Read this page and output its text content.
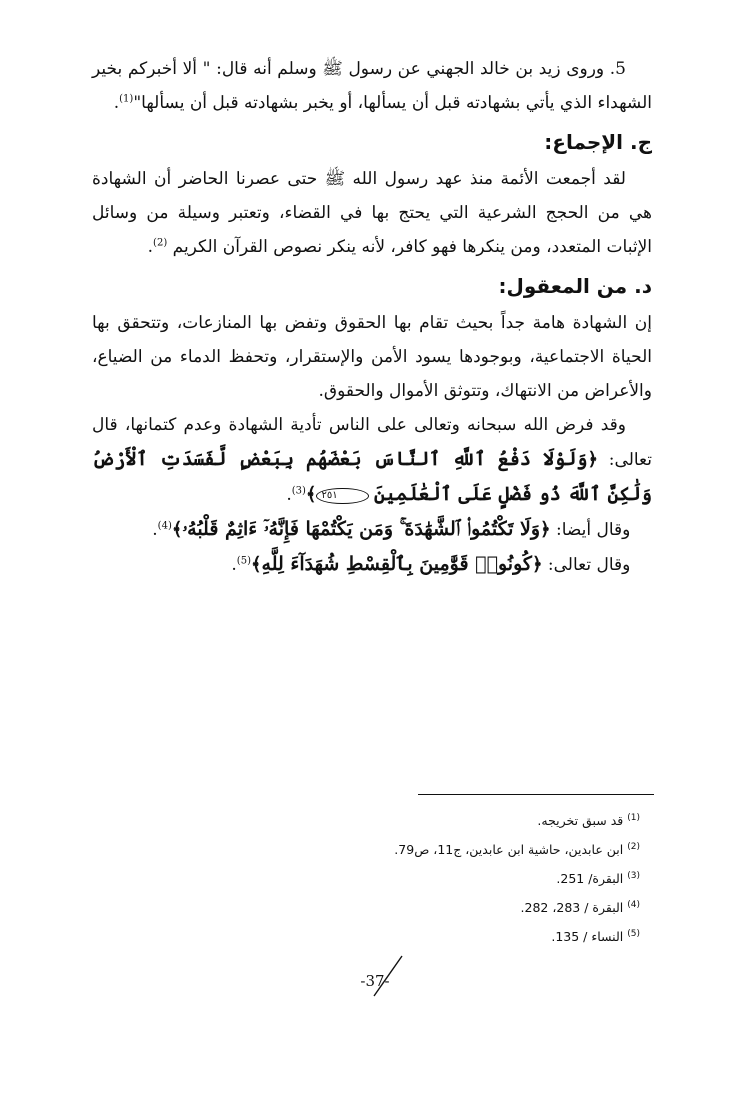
5. وروى زيد بن خالد الجهني عن رسول ﷺ وسلم أنه قال: " ألا أخبركم بخير الشهداء الذي يأتي بشهادته قبل أن يسألها، أو يخبر بشهادته قبل أن يسألها"$^{(1)}$.

ج. الإجماع:

لقد أجمعت الأئمة منذ عهد رسول الله ﷺ حتى عصرنا الحاضر أن الشهادة هي من الحجج الشرعية التي يحتج بها في القضاء، وتعتبر وسيلة من وسائل الإثبات المتعدد، ومن ينكرها فهو كافر، لأنه ينكر نصوص القرآن الكريم $^{(2)}$.

د. من المعقول:

إن الشهادة هامة جداً بحيث تقام بها الحقوق وتفض بها المنازعات، وتتحقق بها الحياة الاجتماعية، وبوجودها يسود الأمن والإستقرار، وتحفظ الدماء من الضياع، والأعراض من الانتهاك، وتتوثق الأموال والحقوق.

وقد فرض الله سبحانه وتعالى على الناس تأدية الشهادة وعدم كتمانها، قال تعالى: ﴿وَلَوْلَا دَفْعُ ٱللَّهِ ٱلنَّاسَ بَعْضَهُم بِبَعْضٍ لَّفَسَدَتِ ٱلْأَرْضُ وَلَٰكِنَّ ٱللَّهَ ذُو فَضْلٍ عَلَى ٱلْعَٰلَمِينَ ٢٥١﴾$^{(3)}$.

وقال أيضا: ﴿وَلَا تَكْتُمُوا۟ ٱلشَّهَٰدَةَ ۚ وَمَن يَكْتُمْهَا فَإِنَّهُۥٓ ءَاثِمٌ قَلْبُهُۥ﴾$^{(4)}$.

وقال تعالى: ﴿كُونُوا۟ قَوَّٰمِينَ بِٱلْقِسْطِ شُهَدَآءَ لِلَّهِ﴾$^{(5)}$.

$^{(1)}$ قد سبق تخريجه.

$^{(2)}$ ابن عابدين، حاشية ابن عابدين، ج11، ص79.

$^{(3)}$ البقرة/ 251.

$^{(4)}$ البقرة / 283، 282.

$^{(5)}$ النساء / 135.

-37-
